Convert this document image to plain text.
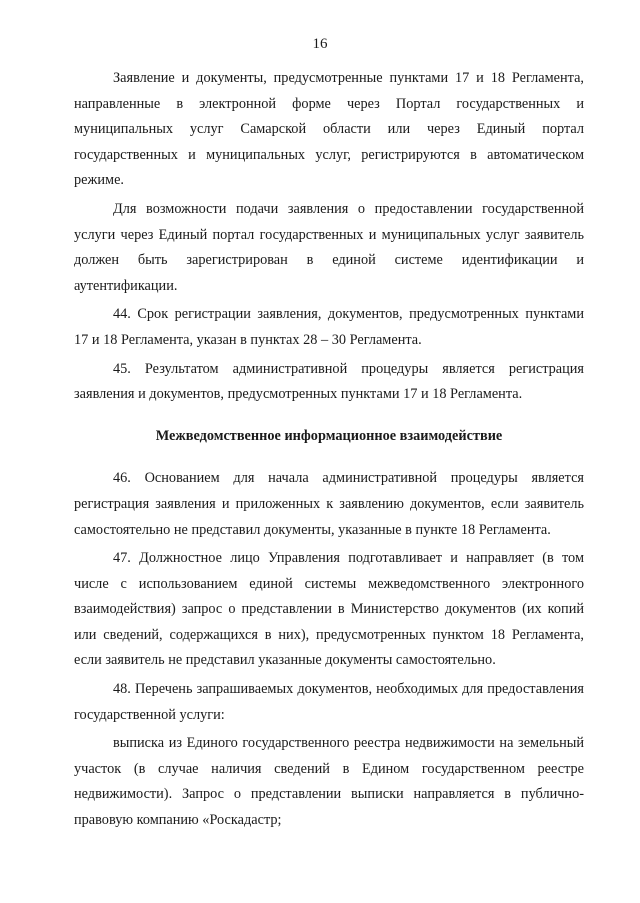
16

Заявление и документы, предусмотренные пунктами 17 и 18 Регламента, направленные в электронной форме через Портал государственных и муниципальных услуг Самарской области или через Единый портал государственных и муниципальных услуг, регистрируются в автоматическом режиме.

Для возможности подачи заявления о предоставлении государственной услуги через Единый портал государственных и муниципальных услуг заявитель должен быть зарегистрирован в единой системе идентификации и аутентификации.

44. Срок регистрации заявления, документов, предусмотренных пунктами 17 и 18 Регламента, указан в пунктах 28 – 30 Регламента.

45. Результатом административной процедуры является регистрация заявления и документов, предусмотренных пунктами 17 и 18 Регламента.

Межведомственное информационное взаимодействие

46. Основанием для начала административной процедуры является регистрация заявления и приложенных к заявлению документов, если заявитель самостоятельно не представил документы, указанные в пункте 18 Регламента.

47. Должностное лицо Управления подготавливает и направляет (в том числе с использованием единой системы межведомственного электронного взаимодействия) запрос о представлении в Министерство документов (их копий или сведений, содержащихся в них), предусмотренных пунктом 18 Регламента, если заявитель не представил указанные документы самостоятельно.

48. Перечень запрашиваемых документов, необходимых для предоставления государственной услуги:

выписка из Единого государственного реестра недвижимости на земельный участок (в случае наличия сведений в Едином государственном реестре недвижимости). Запрос о представлении выписки направляется в публично-правовую компанию «Роскадастр;
